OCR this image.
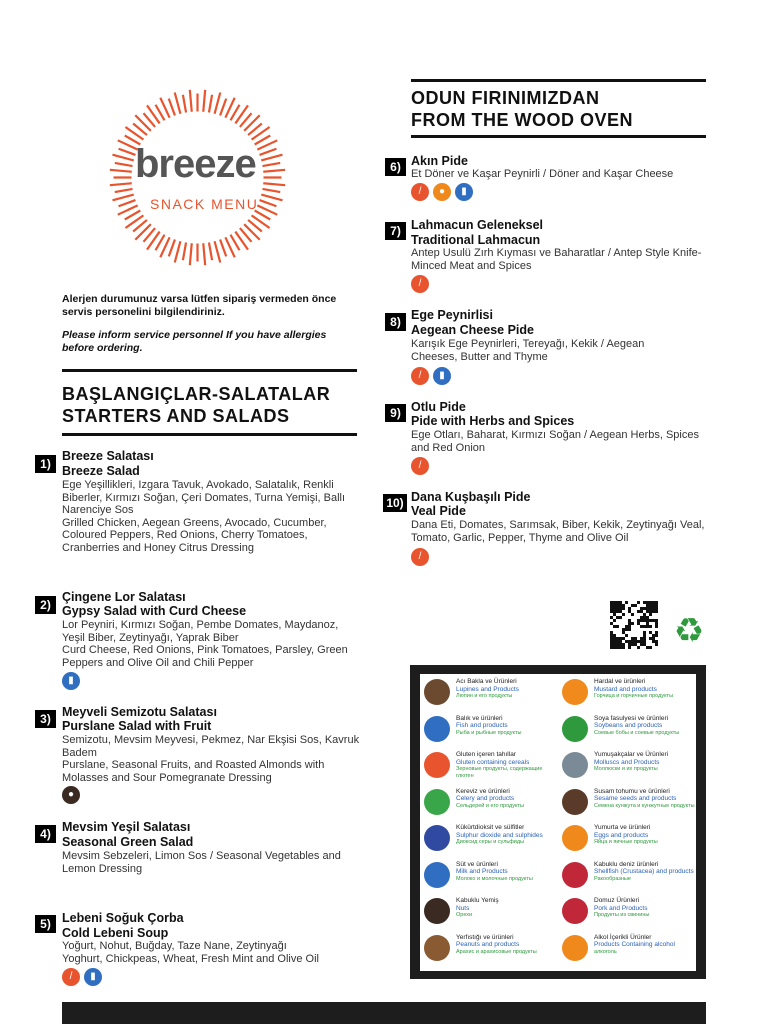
breeze
SNACK MENU
Alerjen durumunuz varsa lütfen sipariş vermeden önce servis personelini bilgilendiriniz.
Please inform service personnel If you have allergies before ordering.
BAŞLANGIÇLAR-SALATALAR
STARTERS AND SALADS
1)
Breeze Salatası
Breeze Salad
Ege Yeşillikleri, Izgara Tavuk, Avokado, Salatalık, Renkli Biberler, Kırmızı Soğan, Çeri Domates, Turna Yemişi, Ballı Narenciye Sos
Grilled Chicken, Aegean Greens, Avocado, Cucumber, Coloured Peppers, Red Onions, Cherry Tomatoes, Cranberries and Honey Citrus Dressing
2)
Çingene Lor Salatası
Gypsy Salad with Curd Cheese
Lor Peyniri, Kırmızı Soğan, Pembe Domates, Maydanoz, Yeşil Biber, Zeytinyağı, Yaprak Biber
Curd Cheese, Red Onions, Pink Tomatoes, Parsley, Green Peppers and Olive Oil and Chili Pepper
▮
3) Meyveli Semizotu Salatası
Purslane Salad with Fruit
Semizotu, Mevsim Meyvesi, Pekmez, Nar Ekşisi Sos, Kavruk Badem
Purslane, Seasonal Fruits, and Roasted Almonds with Molasses and Sour Pomegranate Dressing
●
4) Mevsim Yeşil Salatası
Seasonal Green Salad
Mevsim Sebzeleri, Limon Sos / Seasonal Vegetables and Lemon Dressing
5) Lebeni Soğuk Çorba
Cold Lebeni Soup
Yoğurt, Nohut, Buğday, Taze Nane, Zeytinyağı
Yoghurt, Chickpeas, Wheat, Fresh Mint and Olive Oil
/	▮
ODUN FIRINIMIZDAN
FROM THE WOOD OVEN
6) Akın Pide
Et Döner ve Kaşar Peynirli / Döner and Kaşar Cheese
/	●	▮
7) Lahmacun Geleneksel
Traditional Lahmacun
Antep Usulü Zırh Kıyması ve Baharatlar / Antep Style Knife-Minced Meat and Spices
/
8) Ege Peynirlisi
Aegean Cheese Pide
Karışık Ege Peynirleri, Tereyağı, Kekik / Aegean Cheeses, Butter and Thyme
/	▮
9) Otlu Pide
Pide with Herbs and Spices
Ege Otları, Baharat, Kırmızı Soğan / Aegean Herbs, Spices and Red Onion
/
10) Dana Kuşbaşılı Pide
Veal Pide
Dana Eti, Domates, Sarımsak, Biber, Kekik, Zeytinyağı Veal, Tomato, Garlic, Pepper, Thyme and Olive Oil
/
♻
Acı Bakla ve Ürünleri
Lupines and Products
Люпин и его продукты
Hardal ve ürünleri
Mustard and products
Горчица и горчичные продукты
Balık ve ürünleri
Fish and products
Рыба и рыбные продукты
Soya fasulyesi ve ürünleri
Soybeans and products
Соевые бобы и соевые продукты
Gluten içeren tahıllar
Gluten containing cereals
Зерновые продукты, содержащие глютен
Yumuşakçalar ve Ürünleri
Molluscs and Products
Моллюски и их продукты
Kereviz ve ürünleri
Celery and products
Сельдерей и его продукты
Susam tohumu ve ürünleri
Sesame seeds and products
Семена кунжута и кунжутные продукты
Kükürtdioksit ve sülfitler
Sulphur dioxide and sulphides
Диоксид серы и сульфиды
Yumurta ve ürünleri
Eggs and products
Яйца и яичные продукты
Süt ve ürünleri
Milk and Products
Молоко и молочные продукты
Kabuklu deniz ürünleri
Shellfish (Crustacea) and products
Ракообразные
Kabuklu Yemiş
Nuts
Орехи
Domuz Ürünleri
Pork and Products
Продукты из свинины
Yerfıstığı ve ürünleri
Peanuts and products
Арахис и арахисовые продукты
Alkol İçerikli Ürünler
Products Containing alcohol
алкоголь
